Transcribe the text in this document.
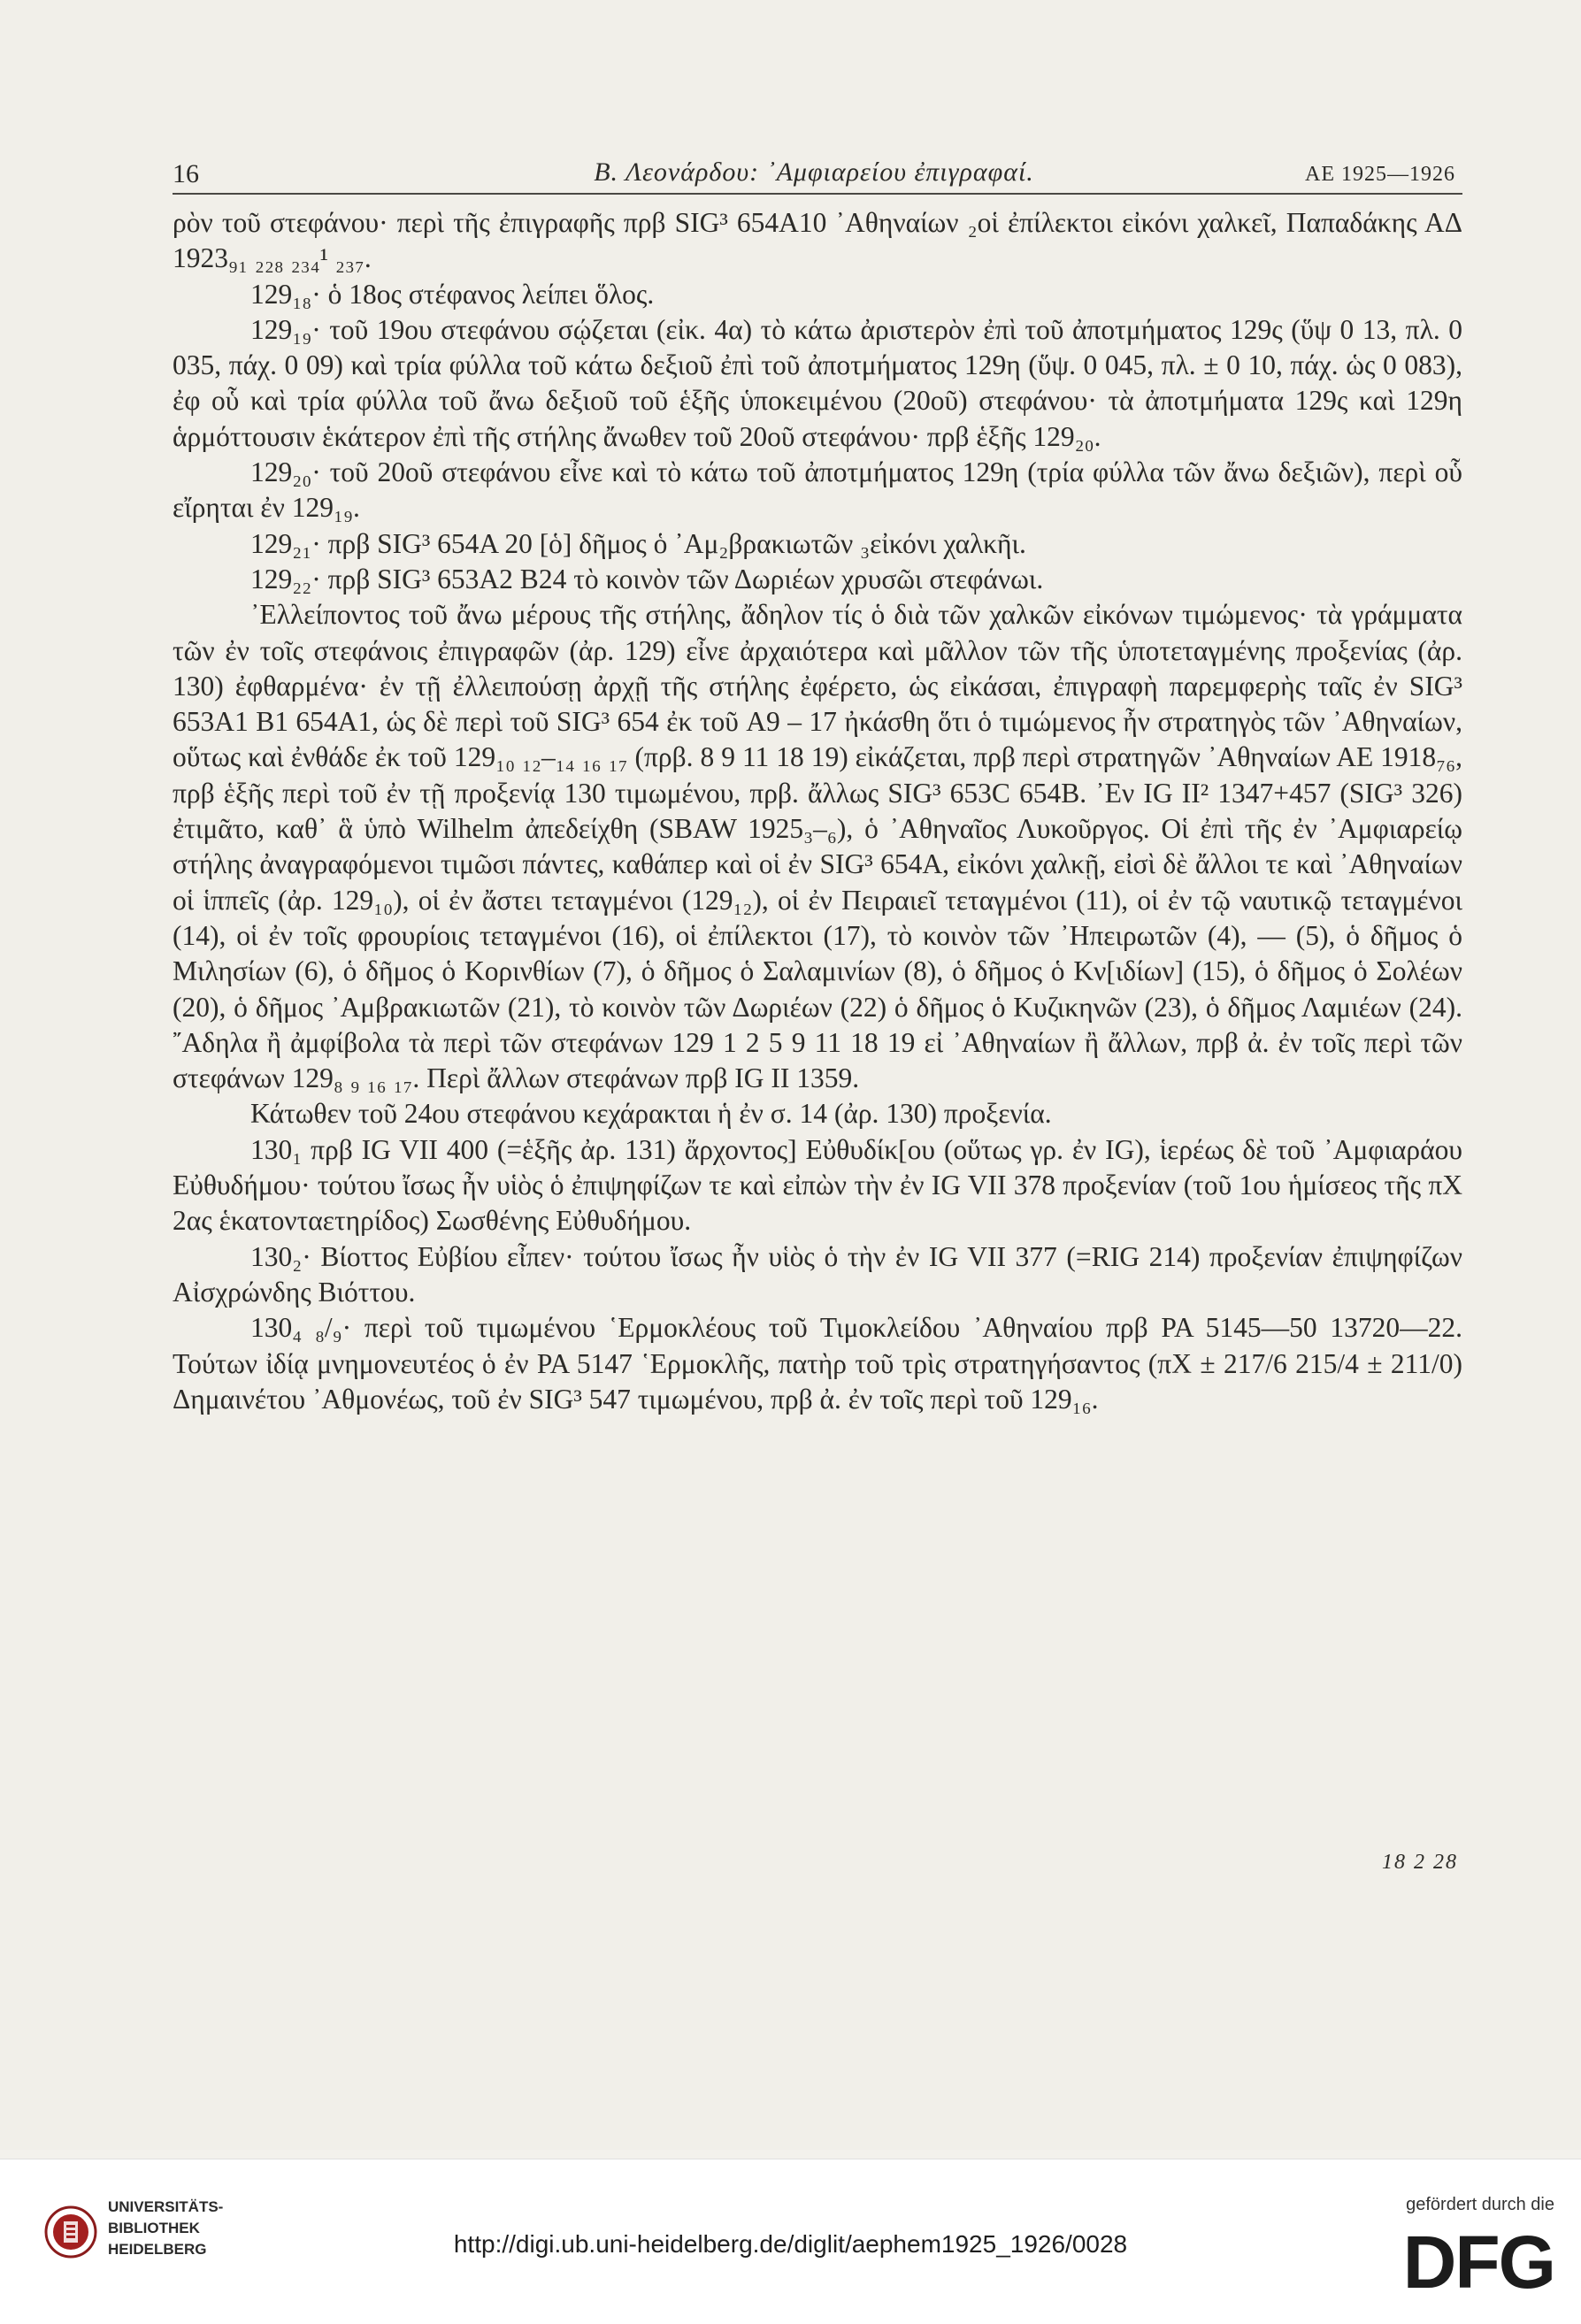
16	Β. Λεονάρδου: ᾿Αμφιαρείου ἐπιγραφαί.	ΑΕ 1925—1926

ρὸν τοῦ στεφάνου· περὶ τῆς ἐπιγραφῆς πρβ SIG³ 654A10 ᾿Αθηναίων ₂οἱ ἐπίλεκτοι εἰκόνι χαλκεῖ, Παπαδάκης ΑΔ 1923₉₁ ₂₂₈ ₂₃₄¹ ₂₃₇.

129₁₈· ὁ 18ος στέφανος λείπει ὅλος.

129₁₉· τοῦ 19ου στεφάνου σῴζεται (εἰκ. 4α) τὸ κάτω ἀριστερὸν ἐπὶ τοῦ ἀποτμήματος 129ς (ὕψ 0 13, πλ. 0 035, πάχ. 0 09) καὶ τρία φύλλα τοῦ κάτω δεξιοῦ ἐπὶ τοῦ ἀποτμήματος 129η (ὕψ. 0 045, πλ. ± 0 10, πάχ. ὡς 0 083), ἐφ οὗ καὶ τρία φύλλα τοῦ ἄνω δεξιοῦ τοῦ ἑξῆς ὑποκειμένου (20οῦ) στεφάνου· τὰ ἀποτμήματα 129ς καὶ 129η ἁρμόττουσιν ἑκάτερον ἐπὶ τῆς στήλης ἄνωθεν τοῦ 20οῦ στεφάνου· πρβ ἑξῆς 129₂₀.

129₂₀· τοῦ 20οῦ στεφάνου εἶνε καὶ τὸ κάτω τοῦ ἀποτμήματος 129η (τρία φύλλα τῶν ἄνω δεξιῶν), περὶ οὗ εἴρηται ἐν 129₁₉.

129₂₁· πρβ SIG³ 654A 20 [ὁ] δῆμος ὁ ᾿Αμ₂βρακιωτῶν ₃εἰκόνι χαλκῆι.

129₂₂· πρβ SIG³ 653A2 B24 τὸ κοινὸν τῶν Δωριέων χρυσῶι στεφάνωι.

᾿Ελλείποντος τοῦ ἄνω μέρους τῆς στήλης, ἄδηλον τίς ὁ διὰ τῶν χαλκῶν εἰκόνων τιμώμενος· τὰ γράμματα τῶν ἐν τοῖς στεφάνοις ἐπιγραφῶν (ἀρ. 129) εἶνε ἀρχαιότερα καὶ μᾶλλον τῶν τῆς ὑποτεταγμένης προξενίας (ἀρ. 130) ἐφθαρμένα· ἐν τῇ ἐλλειπούσῃ ἀρχῇ τῆς στήλης ἐφέρετο, ὡς εἰκάσαι, ἐπιγραφὴ παρεμφερὴς ταῖς ἐν SIG³ 653A1 B1 654A1, ὡς δὲ περὶ τοῦ SIG³ 654 ἐκ τοῦ A9 – 17 ἠκάσθη ὅτι ὁ τιμώμενος ἦν στρατηγὸς τῶν ᾿Αθηναίων, οὕτως καὶ ἐνθάδε ἐκ τοῦ 129₁₀ ₁₂–₁₄ ₁₆ ₁₇ (πρβ. 8 9 11 18 19) εἰκάζεται, πρβ περὶ στρατηγῶν ᾿Αθηναίων ΑΕ 1918₇₆, πρβ ἑξῆς περὶ τοῦ ἐν τῇ προξενίᾳ 130 τιμωμένου, πρβ. ἄλλως SIG³ 653C 654B. ᾿Εν IG II² 1347+457 (SIG³ 326) ἐτιμᾶτο, καθ᾿ ἃ ὑπὸ Wilhelm ἀπεδείχθη (SBAW 1925₃–₆), ὁ ᾿Αθηναῖος Λυκοῦργος. Οἱ ἐπὶ τῆς ἐν ᾿Αμφιαρείῳ στήλης ἀναγραφόμενοι τιμῶσι πάντες, καθάπερ καὶ οἱ ἐν SIG³ 654A, εἰκόνι χαλκῇ, εἰσὶ δὲ ἄλλοι τε καὶ ᾿Αθηναίων οἱ ἱππεῖς (ἀρ. 129₁₀), οἱ ἐν ἄστει τεταγμένοι (129₁₂), οἱ ἐν Πειραιεῖ τεταγμένοι (11), οἱ ἐν τῷ ναυτικῷ τεταγμένοι (14), οἱ ἐν τοῖς φρουρίοις τεταγμένοι (16), οἱ ἐπίλεκτοι (17), τὸ κοινὸν τῶν ᾿Ηπειρωτῶν (4), — (5), ὁ δῆμος ὁ Μιλησίων (6), ὁ δῆμος ὁ Κορινθίων (7), ὁ δῆμος ὁ Σαλαμινίων (8), ὁ δῆμος ὁ Κν[ιδίων] (15), ὁ δῆμος ὁ Σολέων (20), ὁ δῆμος ᾿Αμβρακιωτῶν (21), τὸ κοινὸν τῶν Δωριέων (22) ὁ δῆμος ὁ Κυζικηνῶν (23), ὁ δῆμος Λαμιέων (24). ῎Αδηλα ἢ ἀμφίβολα τὰ περὶ τῶν στεφάνων 129 1 2 5 9 11 18 19 εἰ ᾿Αθηναίων ἢ ἄλλων, πρβ ἀ. ἐν τοῖς περὶ τῶν στεφάνων 129₈ ₉ ₁₆ ₁₇. Περὶ ἄλλων στεφάνων πρβ IG II 1359.

Κάτωθεν τοῦ 24ου στεφάνου κεχάρακται ἡ ἐν σ. 14 (ἀρ. 130) προξενία.

130₁ πρβ IG VII 400 (=ἑξῆς ἀρ. 131) ἄρχοντος] Εὐθυδίκ[ου (οὕτως γρ. ἐν IG), ἱερέως δὲ τοῦ ᾿Αμφιαράου Εὐθυδήμου· τούτου ἴσως ἦν υἱὸς ὁ ἐπιψηφίζων τε καὶ εἰπὼν τὴν ἐν IG VII 378 προξενίαν (τοῦ 1ου ἡμίσεος τῆς πΧ 2ας ἑκατονταετηρίδος) Σωσθένης Εὐθυδήμου.

130₂· Βίοττος Εὐβίου εἶπεν· τούτου ἴσως ἦν υἱὸς ὁ τὴν ἐν IG VII 377 (=RIG 214) προξενίαν ἐπιψηφίζων Αἰσχρώνδης Βιόττου.

130₄ ₈/₉· περὶ τοῦ τιμωμένου ῾Ερμοκλέους τοῦ Τιμοκλείδου ᾿Αθηναίου πρβ PA 5145—50 13720—22. Τούτων ἰδίᾳ μνημονευτέος ὁ ἐν PA 5147 ῾Ερμοκλῆς, πατὴρ τοῦ τρὶς στρατηγήσαντος (πΧ ± 217/6 215/4 ± 211/0) Δημαινέτου ᾿Αθμονέως, τοῦ ἐν SIG³ 547 τιμωμένου, πρβ ἀ. ἐν τοῖς περὶ τοῦ 129₁₆.

18 2 28
UNIVERSITÄTS-
BIBLIOTHEK
HEIDELBERG	http://digi.ub.uni-heidelberg.de/diglit/aephem1925_1926/0028
gefördert durch die
DFG
